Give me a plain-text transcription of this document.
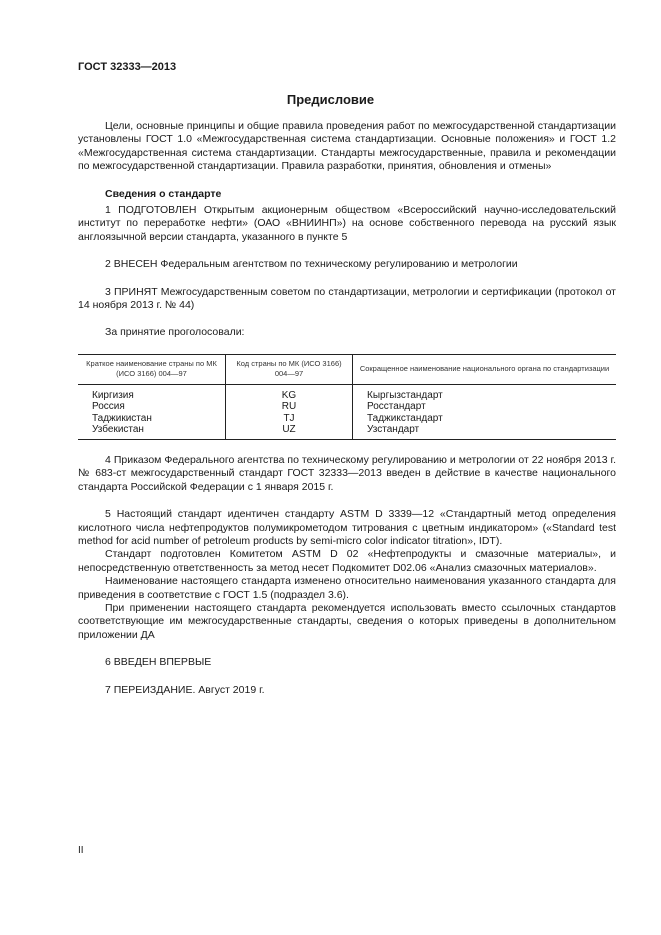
ГОСТ 32333—2013
Предисловие

Цели, основные принципы и общие правила проведения работ по межгосударственной стандартизации установлены ГОСТ 1.0 «Межгосударственная система стандартизации. Основные положения» и ГОСТ 1.2 «Межгосударственная система стандартизации. Стандарты межгосударственные, правила и рекомендации по межгосударственной стандартизации. Правила разработки, принятия, обновления и отмены»

Сведения о стандарте

1 ПОДГОТОВЛЕН Открытым акционерным обществом «Всероссийский научно-исследовательский институт по переработке нефти» (ОАО «ВНИИНП») на основе собственного перевода на русский язык англоязычной версии стандарта, указанного в пункте 5

2 ВНЕСЕН Федеральным агентством по техническому регулированию и метрологии

3 ПРИНЯТ Межгосударственным советом по стандартизации, метрологии и сертификации (протокол от 14 ноября 2013 г. № 44)

За принятие проголосовали:

Краткое наименование страны по МК (ИСО 3166) 004—97	Код страны по МК (ИСО 3166) 004—97	Сокращенное наименование национального органа по стандартизации
Киргизия	KG	Кыргызстандарт
Россия	RU	Росстандарт
Таджикистан	TJ	Таджикстандарт
Узбекистан	UZ	Узстандарт

4 Приказом Федерального агентства по техническому регулированию и метрологии от 22 ноября 2013 г. № 683-ст межгосударственный стандарт ГОСТ 32333—2013 введен в действие в качестве национального стандарта Российской Федерации с 1 января 2015 г.

5 Настоящий стандарт идентичен стандарту ASTM D 3339—12 «Стандартный метод определения кислотного числа нефтепродуктов полумикрометодом титрования с цветным индикатором» («Standard test method for acid number of petroleum products by semi-micro color indicator titration», IDT).

Стандарт подготовлен Комитетом ASTM D 02 «Нефтепродукты и смазочные материалы», и непосредственную ответственность за метод несет Подкомитет D02.06 «Анализ смазочных материалов».

Наименование настоящего стандарта изменено относительно наименования указанного стандарта для приведения в соответствие с ГОСТ 1.5 (подраздел 3.6).

При применении настоящего стандарта рекомендуется использовать вместо ссылочных стандартов соответствующие им межгосударственные стандарты, сведения о которых приведены в дополнительном приложении ДА

6 ВВЕДЕН ВПЕРВЫЕ

7 ПЕРЕИЗДАНИЕ. Август 2019 г.

II
